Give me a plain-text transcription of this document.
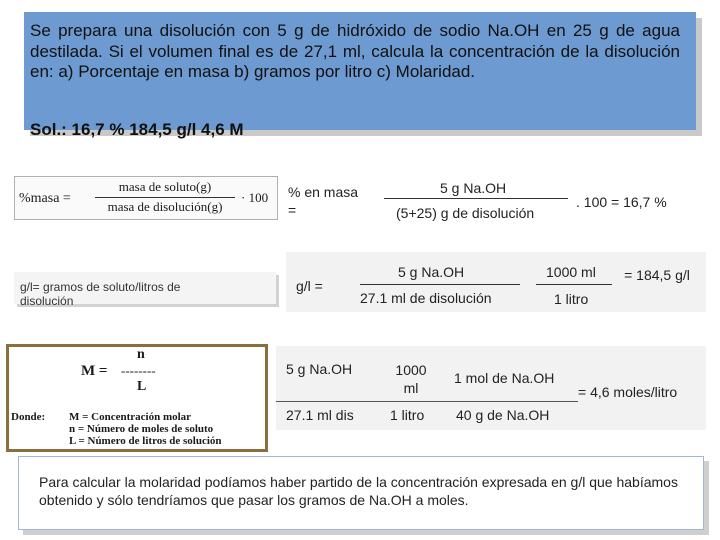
Se prepara una disolución con 5 g de hidróxido de sodio Na.OH en 25 g de agua destilada. Si el volumen final es de 27,1 ml, calcula la concentración de la disolución en: a) Porcentaje en masa b) gramos por litro c) Molaridad.
Sol.: 16,7 % 184,5 g/l 4,6 M
%masa =
masa de soluto(g)
masa de disolución(g)
· 100 % en masa
=
5 g Na.OH
(5+25) g de disolución
. 100 = 16,7 %
g/l= gramos de soluto/litros de disolución
g/l =
5 g Na.OH
27.1 ml de disolución
1000 ml
1 litro
= 184,5 g/l
M =
n
--------
L
Donde: M = Concentración molar
n = Número de moles de soluto
L = Número de litros de solución
5 g Na.OH	1000 ml
1 mol de Na.OH
27.1 ml dis	1 litro 40 g de Na.OH
= 4,6 moles/litro
Para calcular la molaridad podíamos haber partido de la concentración expresada en g/l que habíamos obtenido y sólo tendríamos que pasar los gramos de Na.OH a moles.
